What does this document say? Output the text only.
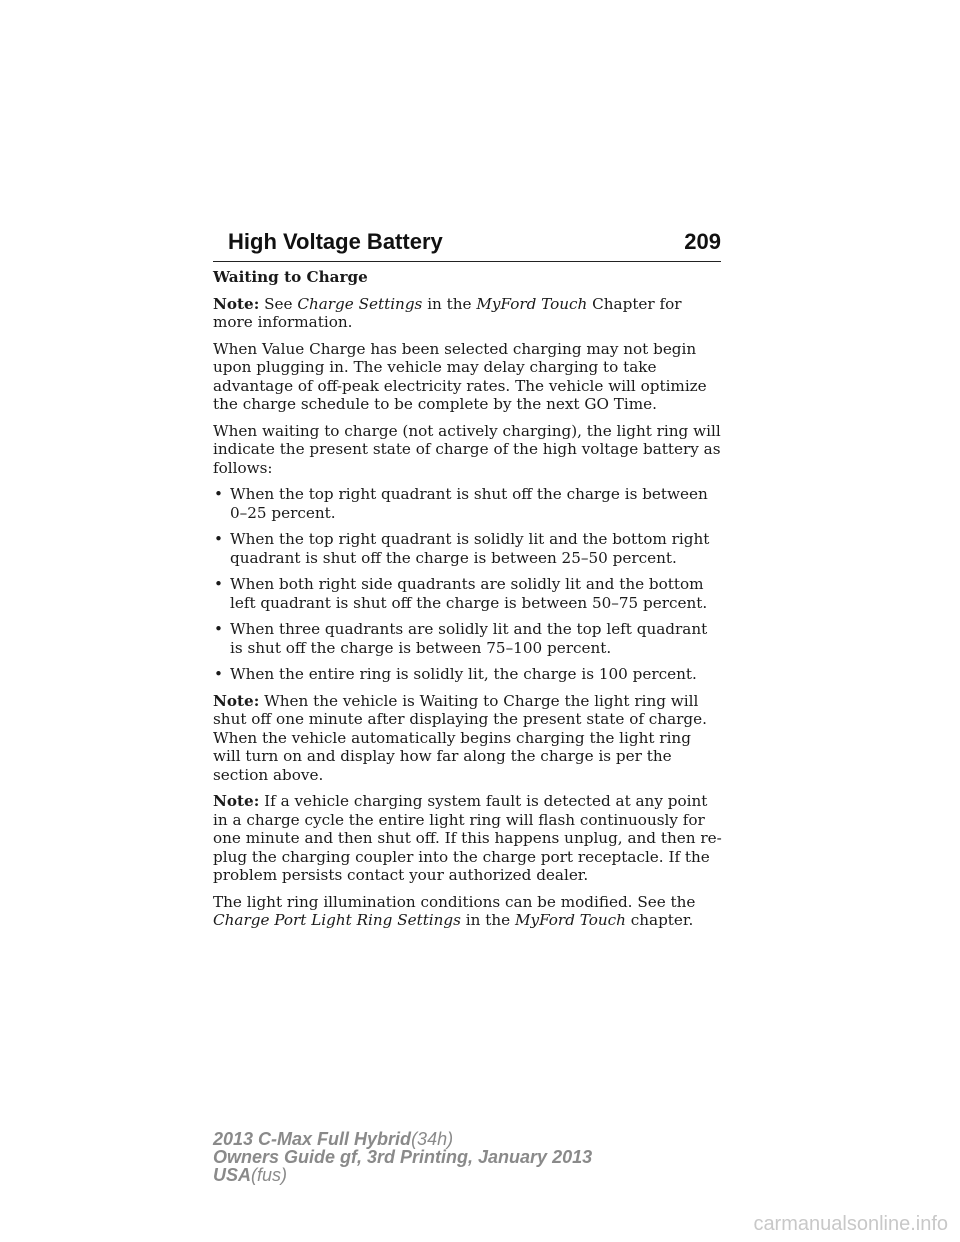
High Voltage Battery	209

Waiting to Charge

Note: See Charge Settings in the MyFord Touch Chapter for more information.

When Value Charge has been selected charging may not begin upon plugging in. The vehicle may delay charging to take advantage of off-peak electricity rates. The vehicle will optimize the charge schedule to be complete by the next GO Time.

When waiting to charge (not actively charging), the light ring will indicate the present state of charge of the high voltage battery as follows:

• When the top right quadrant is shut off the charge is between 0–25 percent.
• When the top right quadrant is solidly lit and the bottom right quadrant is shut off the charge is between 25–50 percent.
• When both right side quadrants are solidly lit and the bottom left quadrant is shut off the charge is between 50–75 percent.
• When three quadrants are solidly lit and the top left quadrant is shut off the charge is between 75–100 percent.
• When the entire ring is solidly lit, the charge is 100 percent.

Note: When the vehicle is Waiting to Charge the light ring will shut off one minute after displaying the present state of charge. When the vehicle automatically begins charging the light ring will turn on and display how far along the charge is per the section above.

Note: If a vehicle charging system fault is detected at any point in a charge cycle the entire light ring will flash continuously for one minute and then shut off. If this happens unplug, and then re-plug the charging coupler into the charge port receptacle. If the problem persists contact your authorized dealer.

The light ring illumination conditions can be modified. See the Charge Port Light Ring Settings in the MyFord Touch chapter.

2013 C-Max Full Hybrid(34h)
Owners Guide gf, 3rd Printing, January 2013
USA(fus)
carmanualsonline.info
